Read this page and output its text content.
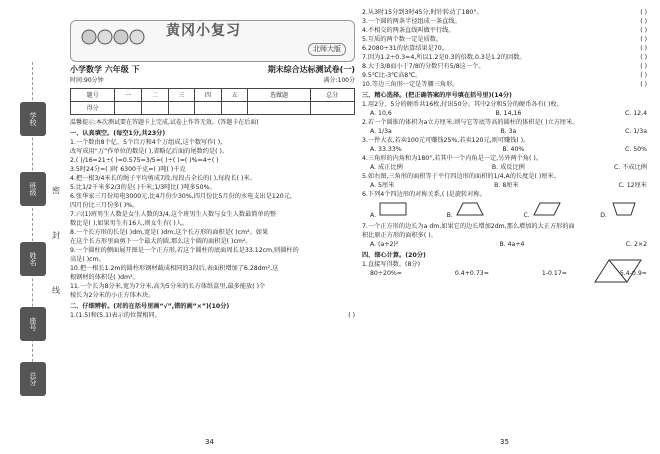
学校
班级
姓名
座号
总分
密
封
线
黄冈小复习
北师大版
小学数学 六年级 下	期末综合达标测试卷(一)
时间:90分钟	满分:100分
题号	一	二	三	四	五	选做题	总分
得分							
温馨提示:本次测试要在答题卡上完成,试卷上作答无效。(答题卡在后面)
一、认真填空。(每空1分,共23分)
1.一个数由8个亿、5个百万和4个万组成,这个数写作( ),
改写成用“万”作单位的数是( ),省略亿后面的尾数约是( )。
2.( )/16=21÷( )=0.575=3/5=( )÷( )=( )%=4÷( )
3.5时24分=( )时 6300千克=( )吨( )千克
4.把一根3/4米长的绳子平均剪成7段,每段占全长的( ),每段长( )米。
5.比1/2千米多2/3的是( )千米;1/3吨比( )吨多50%。
6.张华家三月份用电3000元,比4月份少30%,四月份比5月份的水电支出是120元,
四月份比三月份多( )%。
7.六(1)班男生人数是女生人数的3/4,这个班男生人数与女生人数最简单的整
数比是( ),如果男生有16人,则女生有( )人。
8.一个长方形的长是( )dm,宽是( )dm,这个长方形的面积是( )cm²。如果
在这个长方形里面剪下一个最大的圆,那么这个圆的面积是( )cm²。
9.一个圆柱的侧面展开图是一个正方形,若这个圆柱的底面周长是33.12cm,则圆柱的
高是( )cm。
10.把一根长1.2m的圆柱形钢材截成相同的3段后,表面积增加了6.28dm²,这
根钢材的体积是( )dm³。
11.一个长为8分米,宽为7分米,高为5分米的长方体纸盒里,最多能放( )个
棱长为2分米的小正方体木块。
二、仔细辨析。(对的在括号里画“√”,错的画“×”)(10分)
1.(1.5)和(5.1)表示的位置相同。	( )
34
2.从3时15分到3时45分,时针转动了180°。	( )
3.一个圆的两条半径组成一条直线。	( )
4.不相交的两条直线叫做平行线。	( )
5.互质的两个数一定是质数。	( )
6.2080÷31的估算结果是70。	( )
7.因为1.2÷0.3=4,所以1.2是0.3的倍数,0.3是1.2的因数。	( )
8.大于3/8而小于7/8的分数只有5/8这一个。	( )
9.5℃比-3℃高8℃。	( )
10.等边三角形一定是等腰三角形。	( )
三、精心选择。(把正确答案的序号填在括号里)(14分)
1.用2分、5分的硬币共16枚,付出50分。其中2分和5分的硬币各有( )枚。
A. 10,6	B. 14,16	C. 12,4
2.若一个圆锥的体积为a立方厘米,则与它等底等高的圆柱的体积是( )立方厘米。
A. 1/3a	B. 3a	C. 1/3a
3.一件大衣,若卖100元可赚钱25%,若卖120元,则可赚钱( )。
A. 33.33%	B. 40%	C. 50%
4.三角形的内角和为180°,若其中一个内角是一定,另外两个角( )。
A. 成正比例	B. 成反比例	C. 不成比例
5.如右图,三角形的面积等于平行四边形的面积的1/4,A的长度是( )厘米。
A. 5厘米	B. 8厘米	C. 12厘米
6.下列4个四边形的对称关系,( )是旋转对称。
A.	B.	C.	D.
7.一个正方形的边长为a dm,如果它的边长增加2dm,那么增加的大正方形的面
积比原正方形的面积多( )。
A. (a+2)²	B. 4a+4	C. 2×2
四、细心计算。(20分)
1.直接写得数。(8分)
80÷20%=	0.4+0.73=	1-0.17=	5.4-0.9=
35
